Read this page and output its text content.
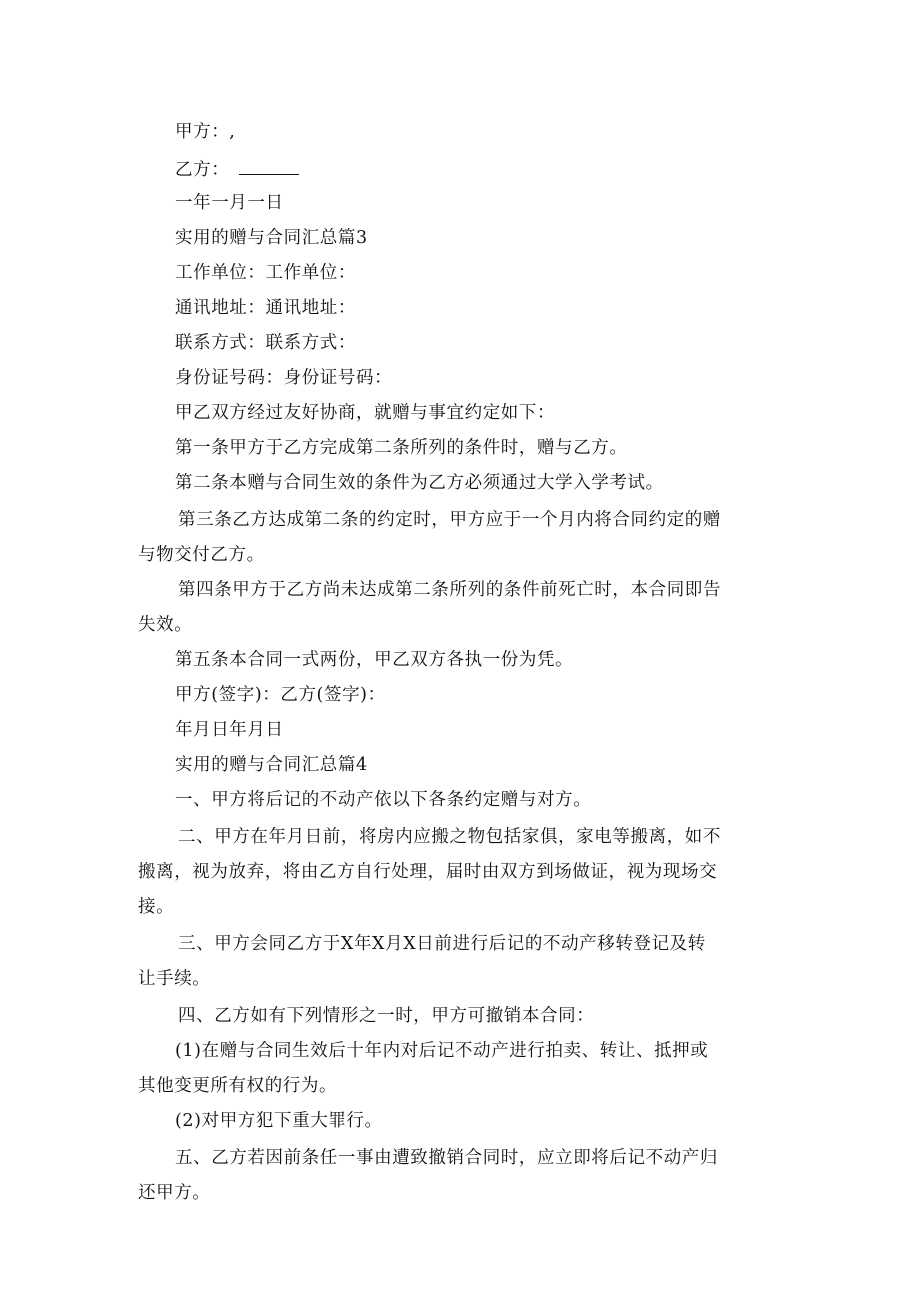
甲方：,

乙方：

一年一月一日

实用的赠与合同汇总篇3

工作单位：工作单位：

通讯地址：通讯地址：

联系方式：联系方式：

身份证号码：身份证号码：

甲乙双方经过友好协商，就赠与事宜约定如下：

第一条甲方于乙方完成第二条所列的条件时，赠与乙方。

第二条本赠与合同生效的条件为乙方必须通过大学入学考试。

第三条乙方达成第二条的约定时，甲方应于一个月内将合同约定的赠

与物交付乙方。

第四条甲方于乙方尚未达成第二条所列的条件前死亡时，本合同即告

失效。

第五条本合同一式两份，甲乙双方各执一份为凭。

甲方(签字)：乙方(签字)：

年月日年月日

实用的赠与合同汇总篇4

一、甲方将后记的不动产依以下各条约定赠与对方。

二、甲方在年月日前，将房内应搬之物包括家俱，家电等搬离，如不

搬离，视为放弃，将由乙方自行处理，届时由双方到场做证，视为现场交

接。

三、甲方会同乙方于X年X月X日前进行后记的不动产移转登记及转

让手续。

四、乙方如有下列情形之一时，甲方可撤销本合同：

(1)在赠与合同生效后十年内对后记不动产进行拍卖、转让、抵押或

其他变更所有权的行为。

(2)对甲方犯下重大罪行。

五、乙方若因前条任一事由遭致撤销合同时，应立即将后记不动产归

还甲方。
